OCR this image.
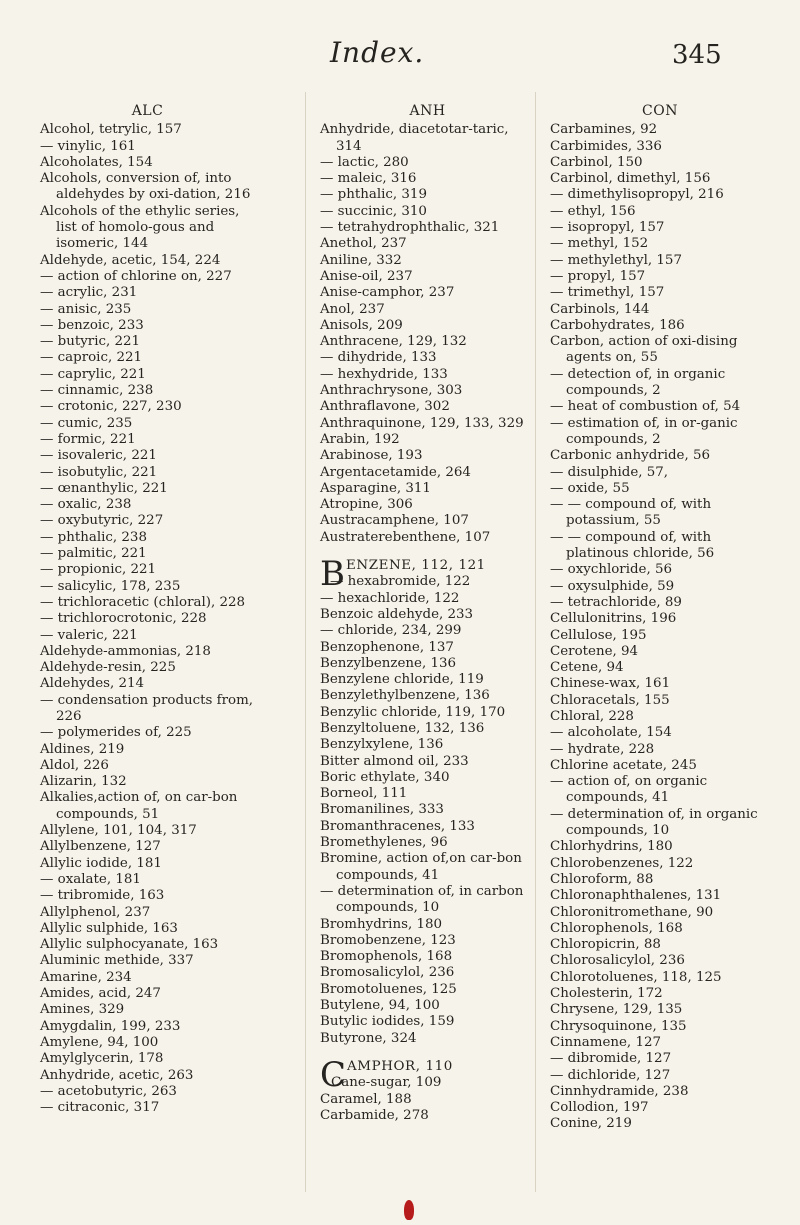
Index.	345
ALC
Alcohol, tetrylic, 157
— vinylic, 161
Alcoholates, 154
Alcohols, conversion of, into aldehydes by oxi-dation, 216
Alcohols of the ethylic series, list of homolo-gous and isomeric, 144
Aldehyde, acetic, 154, 224
— action of chlorine on, 227
— acrylic, 231
— anisic, 235
— benzoic, 233
— butyric, 221
— caproic, 221
— caprylic, 221
— cinnamic, 238
— crotonic, 227, 230
— cumic, 235
— formic, 221
— isovaleric, 221
— isobutylic, 221
— œnanthylic, 221
— oxalic, 238
— oxybutyric, 227
— phthalic, 238
— palmitic, 221
— propionic, 221
— salicylic, 178, 235
— trichloracetic (chloral), 228
— trichlorocrotonic, 228
— valeric, 221
Aldehyde-ammonias, 218
Aldehyde-resin, 225
Aldehydes, 214
— condensation products from, 226
— polymerides of, 225
Aldines, 219
Aldol, 226
Alizarin, 132
Alkalies,action of, on car-bon compounds, 51
Allylene, 101, 104, 317
Allylbenzene, 127
Allylic iodide, 181
— oxalate, 181
— tribromide, 163
Allylphenol, 237
Allylic sulphide, 163
Allylic sulphocyanate, 163
Aluminic methide, 337
Amarine, 234
Amides, acid, 247
Amines, 329
Amygdalin, 199, 233
Amylene, 94, 100
Amylglycerin, 178
Anhydride, acetic, 263
— acetobutyric, 263
— citraconic, 317
ANH
Anhydride, diacetotar-taric, 314
— lactic, 280
— maleic, 316
— phthalic, 319
— succinic, 310
— tetrahydrophthalic, 321
Anethol, 237
Aniline, 332
Anise-oil, 237
Anise-camphor, 237
Anol, 237
Anisols, 209
Anthracene, 129, 132
— dihydride, 133
— hexhydride, 133
Anthrachrysone, 303
Anthraflavone, 302
Anthraquinone, 129, 133, 329
Arabin, 192
Arabinose, 193
Argentacetamide, 264
Asparagine, 311
Atropine, 306
Austracamphene, 107
Austraterebenthene, 107
BENZENE, 112, 121
— hexabromide, 122
— hexachloride, 122
Benzoic aldehyde, 233
— chloride, 234, 299
Benzophenone, 137
Benzylbenzene, 136
Benzylene chloride, 119
Benzylethylbenzene, 136
Benzylic chloride, 119, 170
Benzyltoluene, 132, 136
Benzylxylene, 136
Bitter almond oil, 233
Boric ethylate, 340
Borneol, 111
Bromanilines, 333
Bromanthracenes, 133
Bromethylenes, 96
Bromine, action of,on car-bon compounds, 41
— determination of, in carbon compounds, 10
Bromhydrins, 180
Bromobenzene, 123
Bromophenols, 168
Bromosalicylol, 236
Bromotoluenes, 125
Butylene, 94, 100
Butylic iodides, 159
Butyrone, 324
CAMPHOR, 110
Cane-sugar, 109
Caramel, 188
Carbamide, 278
CON
Carbamines, 92
Carbimides, 336
Carbinol, 150
Carbinol, dimethyl, 156
— dimethylisopropyl, 216
— ethyl, 156
— isopropyl, 157
— methyl, 152
— methylethyl, 157
— propyl, 157
— trimethyl, 157
Carbinols, 144
Carbohydrates, 186
Carbon, action of oxi-dising agents on, 55
— detection of, in organic compounds, 2
— heat of combustion of, 54
— estimation of, in or-ganic compounds, 2
Carbonic anhydride, 56
— disulphide, 57,
— oxide, 55
— — compound of, with potassium, 55
— — compound of, with platinous chloride, 56
— oxychloride, 56
— oxysulphide, 59
— tetrachloride, 89
Cellulonitrins, 196
Cellulose, 195
Cerotene, 94
Cetene, 94
Chinese-wax, 161
Chloracetals, 155
Chloral, 228
— alcoholate, 154
— hydrate, 228
Chlorine acetate, 245
— action of, on organic compounds, 41
— determination of, in organic compounds, 10
Chlorhydrins, 180
Chlorobenzenes, 122
Chloroform, 88
Chloronaphthalenes, 131
Chloronitromethane, 90
Chlorophenols, 168
Chloropicrin, 88
Chlorosalicylol, 236
Chlorotoluenes, 118, 125
Cholesterin, 172
Chrysene, 129, 135
Chrysoquinone, 135
Cinnamene, 127
— dibromide, 127
— dichloride, 127
Cinnhydramide, 238
Collodion, 197
Conine, 219
